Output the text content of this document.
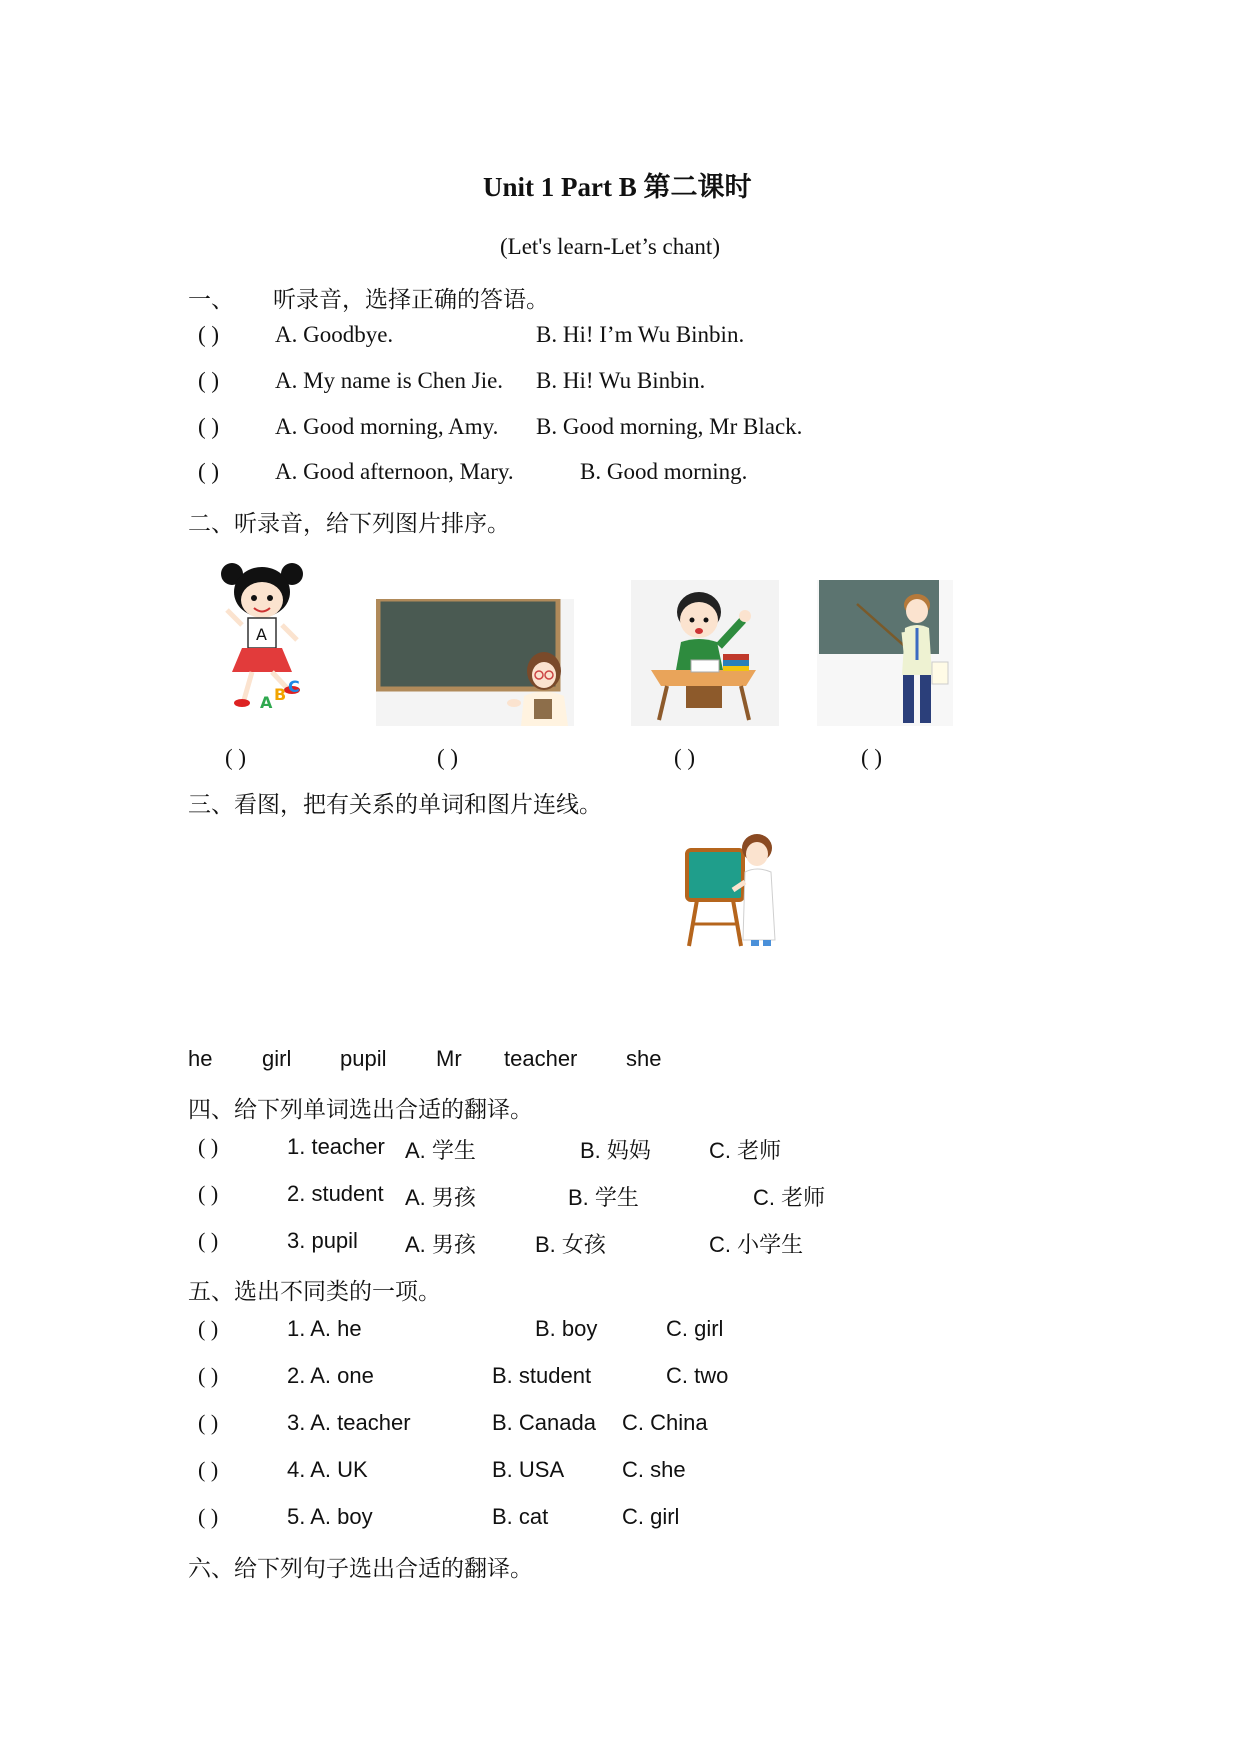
Unit 1 Part B 第二课时
(Let's learn-Let’s chant)
一、 听录音，选择正确的答语。
( ) A. Goodbye.	B. Hi! I’m Wu Binbin.
( ) A. My name is Chen Jie. B. Hi! Wu Binbin.
( ) A. Good morning, Amy. B. Good morning, Mr Black.
( ) A. Good afternoon, Mary.	B. Good morning.
二、听录音，给下列图片排序。
A
A B C
( )	( )	( )	( )
三、看图，把有关系的单词和图片连线。
he girl pupil Mr teacher she
四、给下列单词选出合适的翻译。
( )	1. teacher A. 学生	B. 妈妈	C. 老师
( )	2. student A. 男孩	B. 学生	C. 老师
( )	3. pupil A. 男孩	B. 女孩	C. 小学生
五、选出不同类的一项。
( )	1. A. he	B. boy	C. girl
( )	2. A. one	B. student	C. two
( )	3. A. teacher	B. Canada C. China
( )	4. A. UK	B. USA	C. she
( )	5. A. boy	B. cat	C. girl
六、给下列句子选出合适的翻译。
